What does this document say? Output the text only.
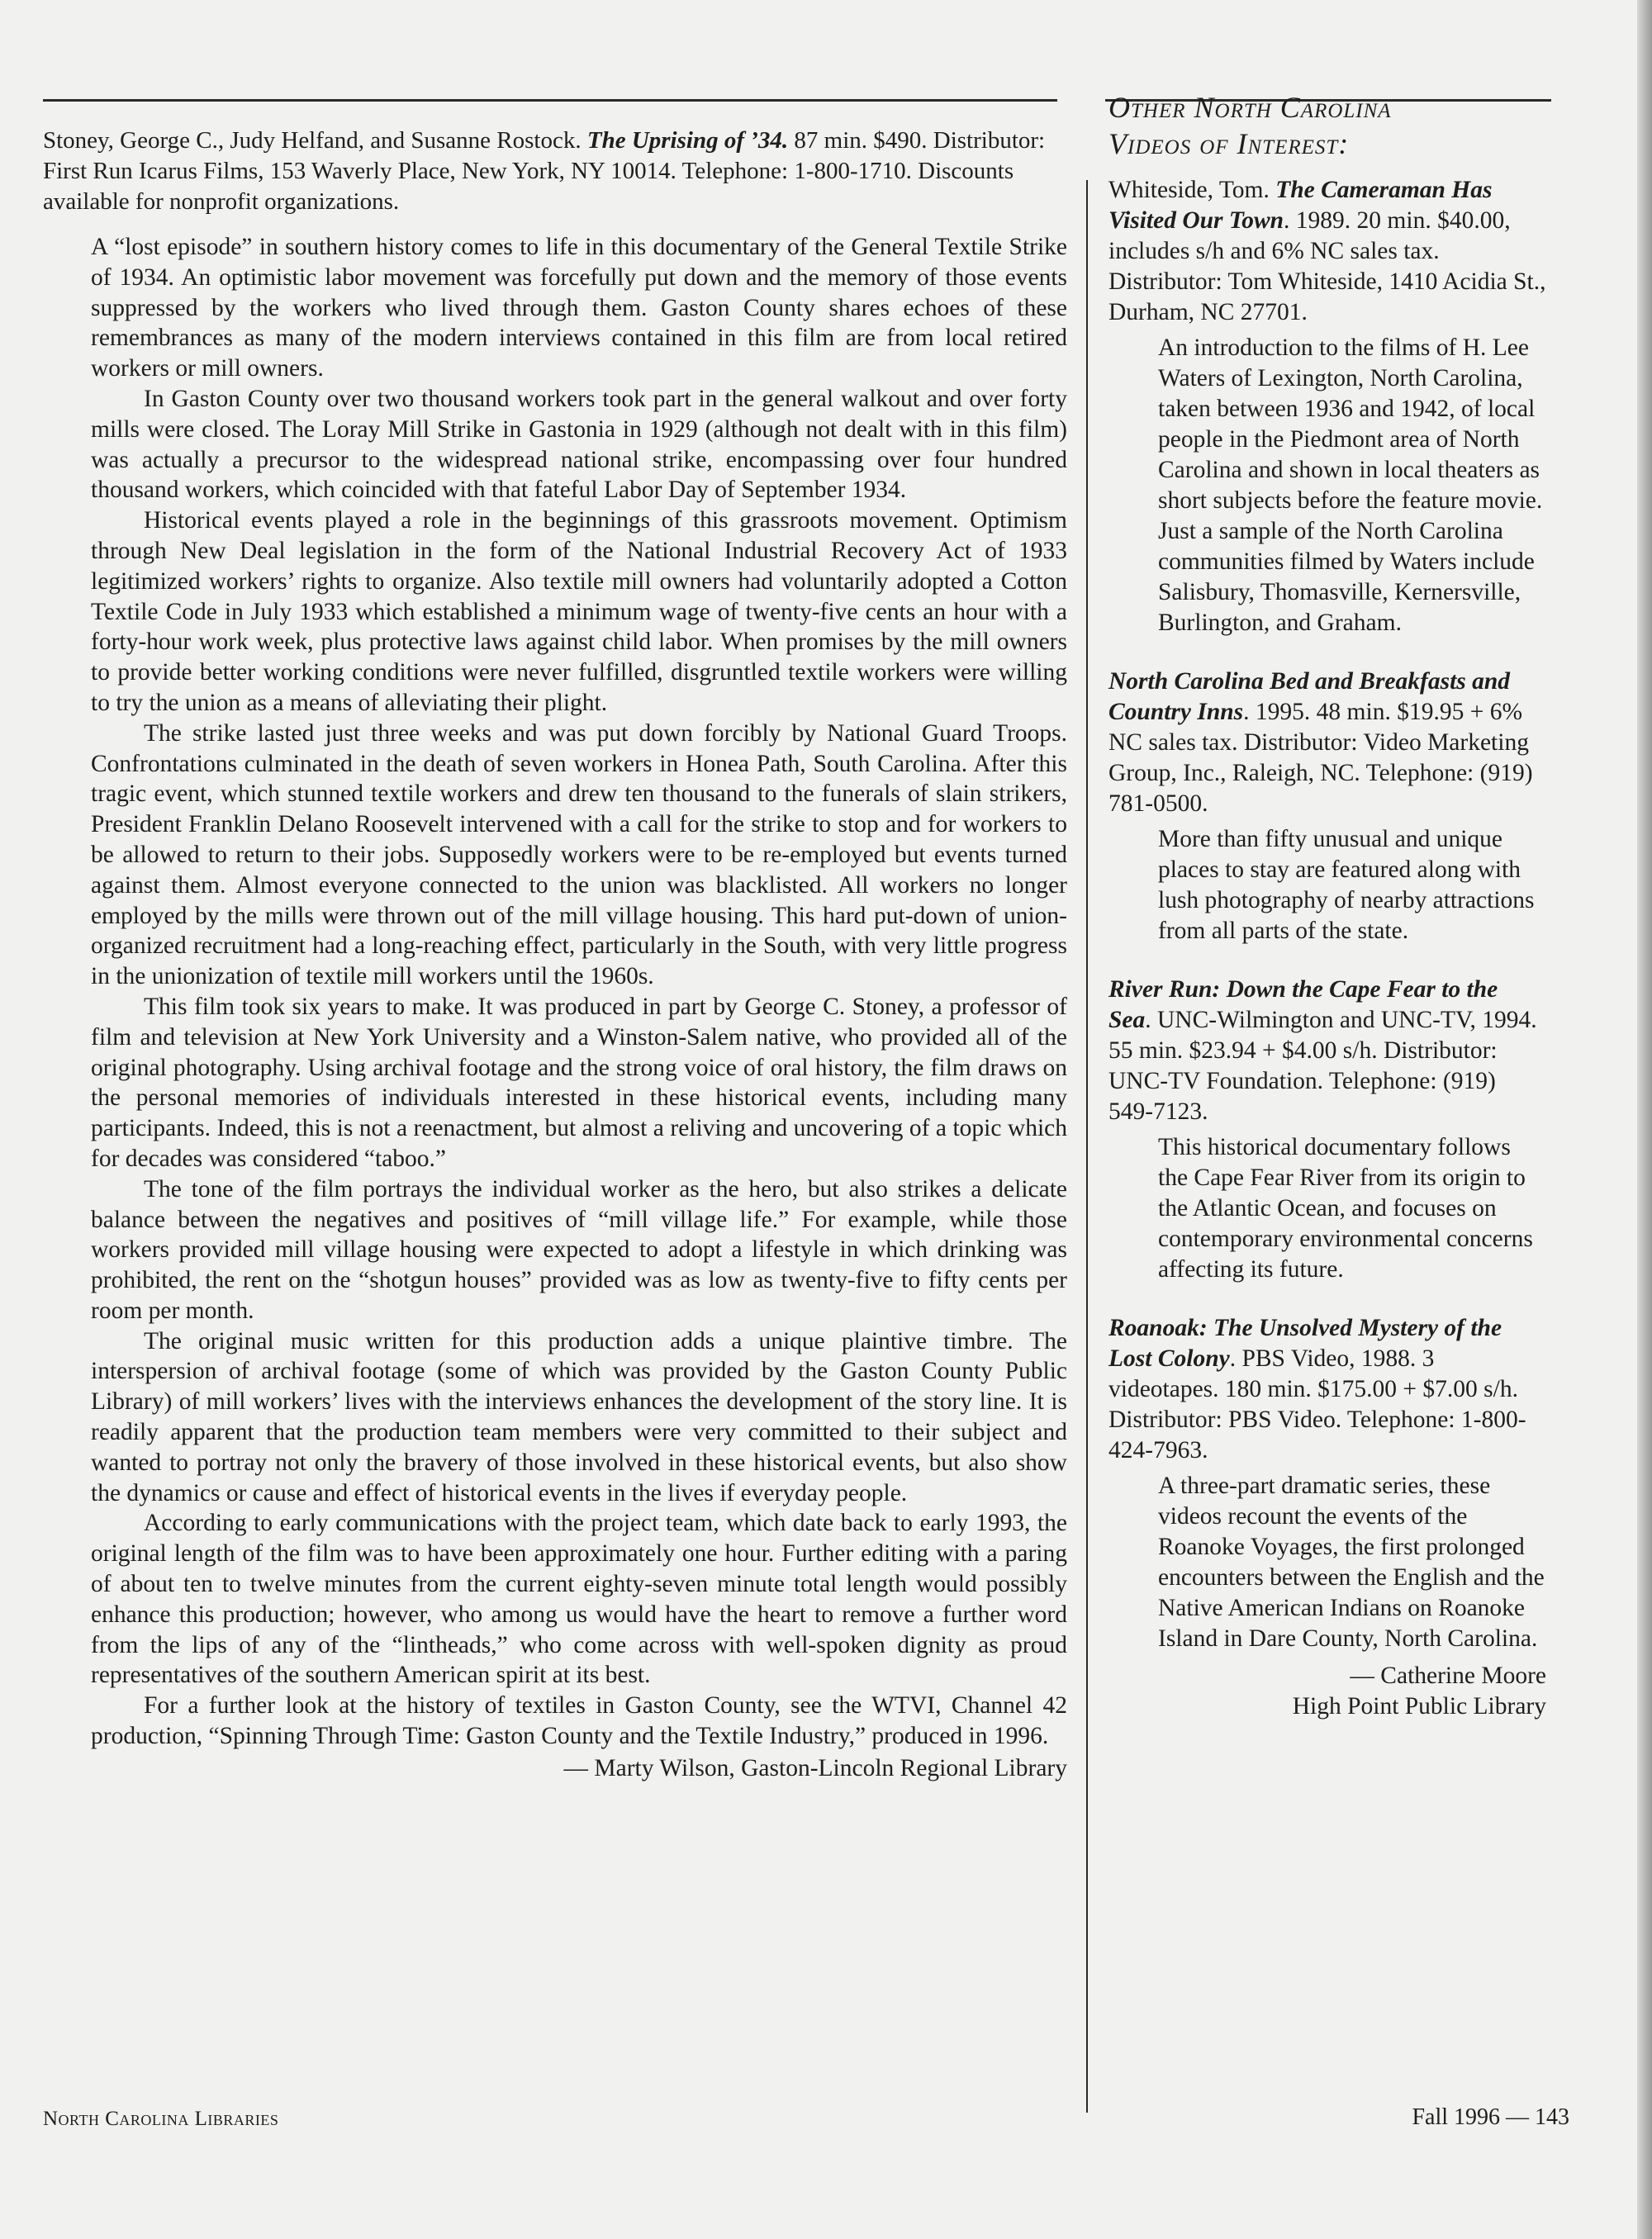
Stoney, George C., Judy Helfand, and Susanne Rostock. The Uprising of ’34. 87 min. $490. Distributor: First Run Icarus Films, 153 Waverly Place, New York, NY 10014. Telephone: 1-800-1710. Discounts available for nonprofit organizations.

A “lost episode” in southern history comes to life in this documentary of the General Textile Strike of 1934. An optimistic labor movement was forcefully put down and the memory of those events suppressed by the workers who lived through them. Gaston County shares echoes of these remembrances as many of the modern interviews contained in this film are from local retired workers or mill owners.

In Gaston County over two thousand workers took part in the general walkout and over forty mills were closed. The Loray Mill Strike in Gastonia in 1929 (although not dealt with in this film) was actually a precursor to the widespread national strike, encompassing over four hundred thousand workers, which coincided with that fateful Labor Day of September 1934.

Historical events played a role in the beginnings of this grassroots movement. Optimism through New Deal legislation in the form of the National Industrial Recovery Act of 1933 legitimized workers’ rights to organize. Also textile mill owners had voluntarily adopted a Cotton Textile Code in July 1933 which established a minimum wage of twenty-five cents an hour with a forty-hour work week, plus protective laws against child labor. When promises by the mill owners to provide better working conditions were never fulfilled, disgruntled textile workers were willing to try the union as a means of alleviating their plight.

The strike lasted just three weeks and was put down forcibly by National Guard Troops. Confrontations culminated in the death of seven workers in Honea Path, South Carolina. After this tragic event, which stunned textile workers and drew ten thousand to the funerals of slain strikers, President Franklin Delano Roosevelt intervened with a call for the strike to stop and for workers to be allowed to return to their jobs. Supposedly workers were to be re-employed but events turned against them. Almost everyone connected to the union was blacklisted. All workers no longer employed by the mills were thrown out of the mill village housing. This hard put-down of union-organized recruitment had a long-reaching effect, particularly in the South, with very little progress in the unionization of textile mill workers until the 1960s.

This film took six years to make. It was produced in part by George C. Stoney, a professor of film and television at New York University and a Winston-Salem native, who provided all of the original photography. Using archival footage and the strong voice of oral history, the film draws on the personal memories of individuals interested in these historical events, including many participants. Indeed, this is not a reenactment, but almost a reliving and uncovering of a topic which for decades was considered “taboo.”

The tone of the film portrays the individual worker as the hero, but also strikes a delicate balance between the negatives and positives of “mill village life.” For example, while those workers provided mill village housing were expected to adopt a lifestyle in which drinking was prohibited, the rent on the “shotgun houses” provided was as low as twenty-five to fifty cents per room per month.

The original music written for this production adds a unique plaintive timbre. The interspersion of archival footage (some of which was provided by the Gaston County Public Library) of mill workers’ lives with the interviews enhances the development of the story line. It is readily apparent that the production team members were very committed to their subject and wanted to portray not only the bravery of those involved in these historical events, but also show the dynamics or cause and effect of historical events in the lives if everyday people.

According to early communications with the project team, which date back to early 1993, the original length of the film was to have been approximately one hour. Further editing with a paring of about ten to twelve minutes from the current eighty-seven minute total length would possibly enhance this production; however, who among us would have the heart to remove a further word from the lips of any of the “lintheads,” who come across with well-spoken dignity as proud representatives of the southern American spirit at its best.

For a further look at the history of textiles in Gaston County, see the WTVI, Channel 42 production, “Spinning Through Time: Gaston County and the Textile Industry,” produced in 1996.

— Marty Wilson, Gaston-Lincoln Regional Library
Other North Carolina
Videos of Interest:
Whiteside, Tom. The Cameraman Has Visited Our Town. 1989. 20 min. $40.00, includes s/h and 6% NC sales tax. Distributor: Tom Whiteside, 1410 Acidia St., Durham, NC 27701.
An introduction to the films of H. Lee Waters of Lexington, North Carolina, taken between 1936 and 1942, of local people in the Piedmont area of North Carolina and shown in local theaters as short subjects before the feature movie. Just a sample of the North Carolina communities filmed by Waters include Salisbury, Thomasville, Kernersville, Burlington, and Graham.
North Carolina Bed and Breakfasts and Country Inns. 1995. 48 min. $19.95 + 6% NC sales tax. Distributor: Video Marketing Group, Inc., Raleigh, NC. Telephone: (919) 781-0500.
More than fifty unusual and unique places to stay are featured along with lush photography of nearby attractions from all parts of the state.
River Run: Down the Cape Fear to the Sea. UNC-Wilmington and UNC-TV, 1994. 55 min. $23.94 + $4.00 s/h. Distributor: UNC-TV Foundation. Telephone: (919) 549-7123.
This historical documentary follows the Cape Fear River from its origin to the Atlantic Ocean, and focuses on contemporary environmental concerns affecting its future.
Roanoak: The Unsolved Mystery of the Lost Colony. PBS Video, 1988. 3 videotapes. 180 min. $175.00 + $7.00 s/h. Distributor: PBS Video. Telephone: 1-800-424-7963.
A three-part dramatic series, these videos recount the events of the Roanoke Voyages, the first prolonged encounters between the English and the Native American Indians on Roanoke Island in Dare County, North Carolina.
— Catherine Moore
High Point Public Library
North Carolina Libraries	Fall 1996 — 143
